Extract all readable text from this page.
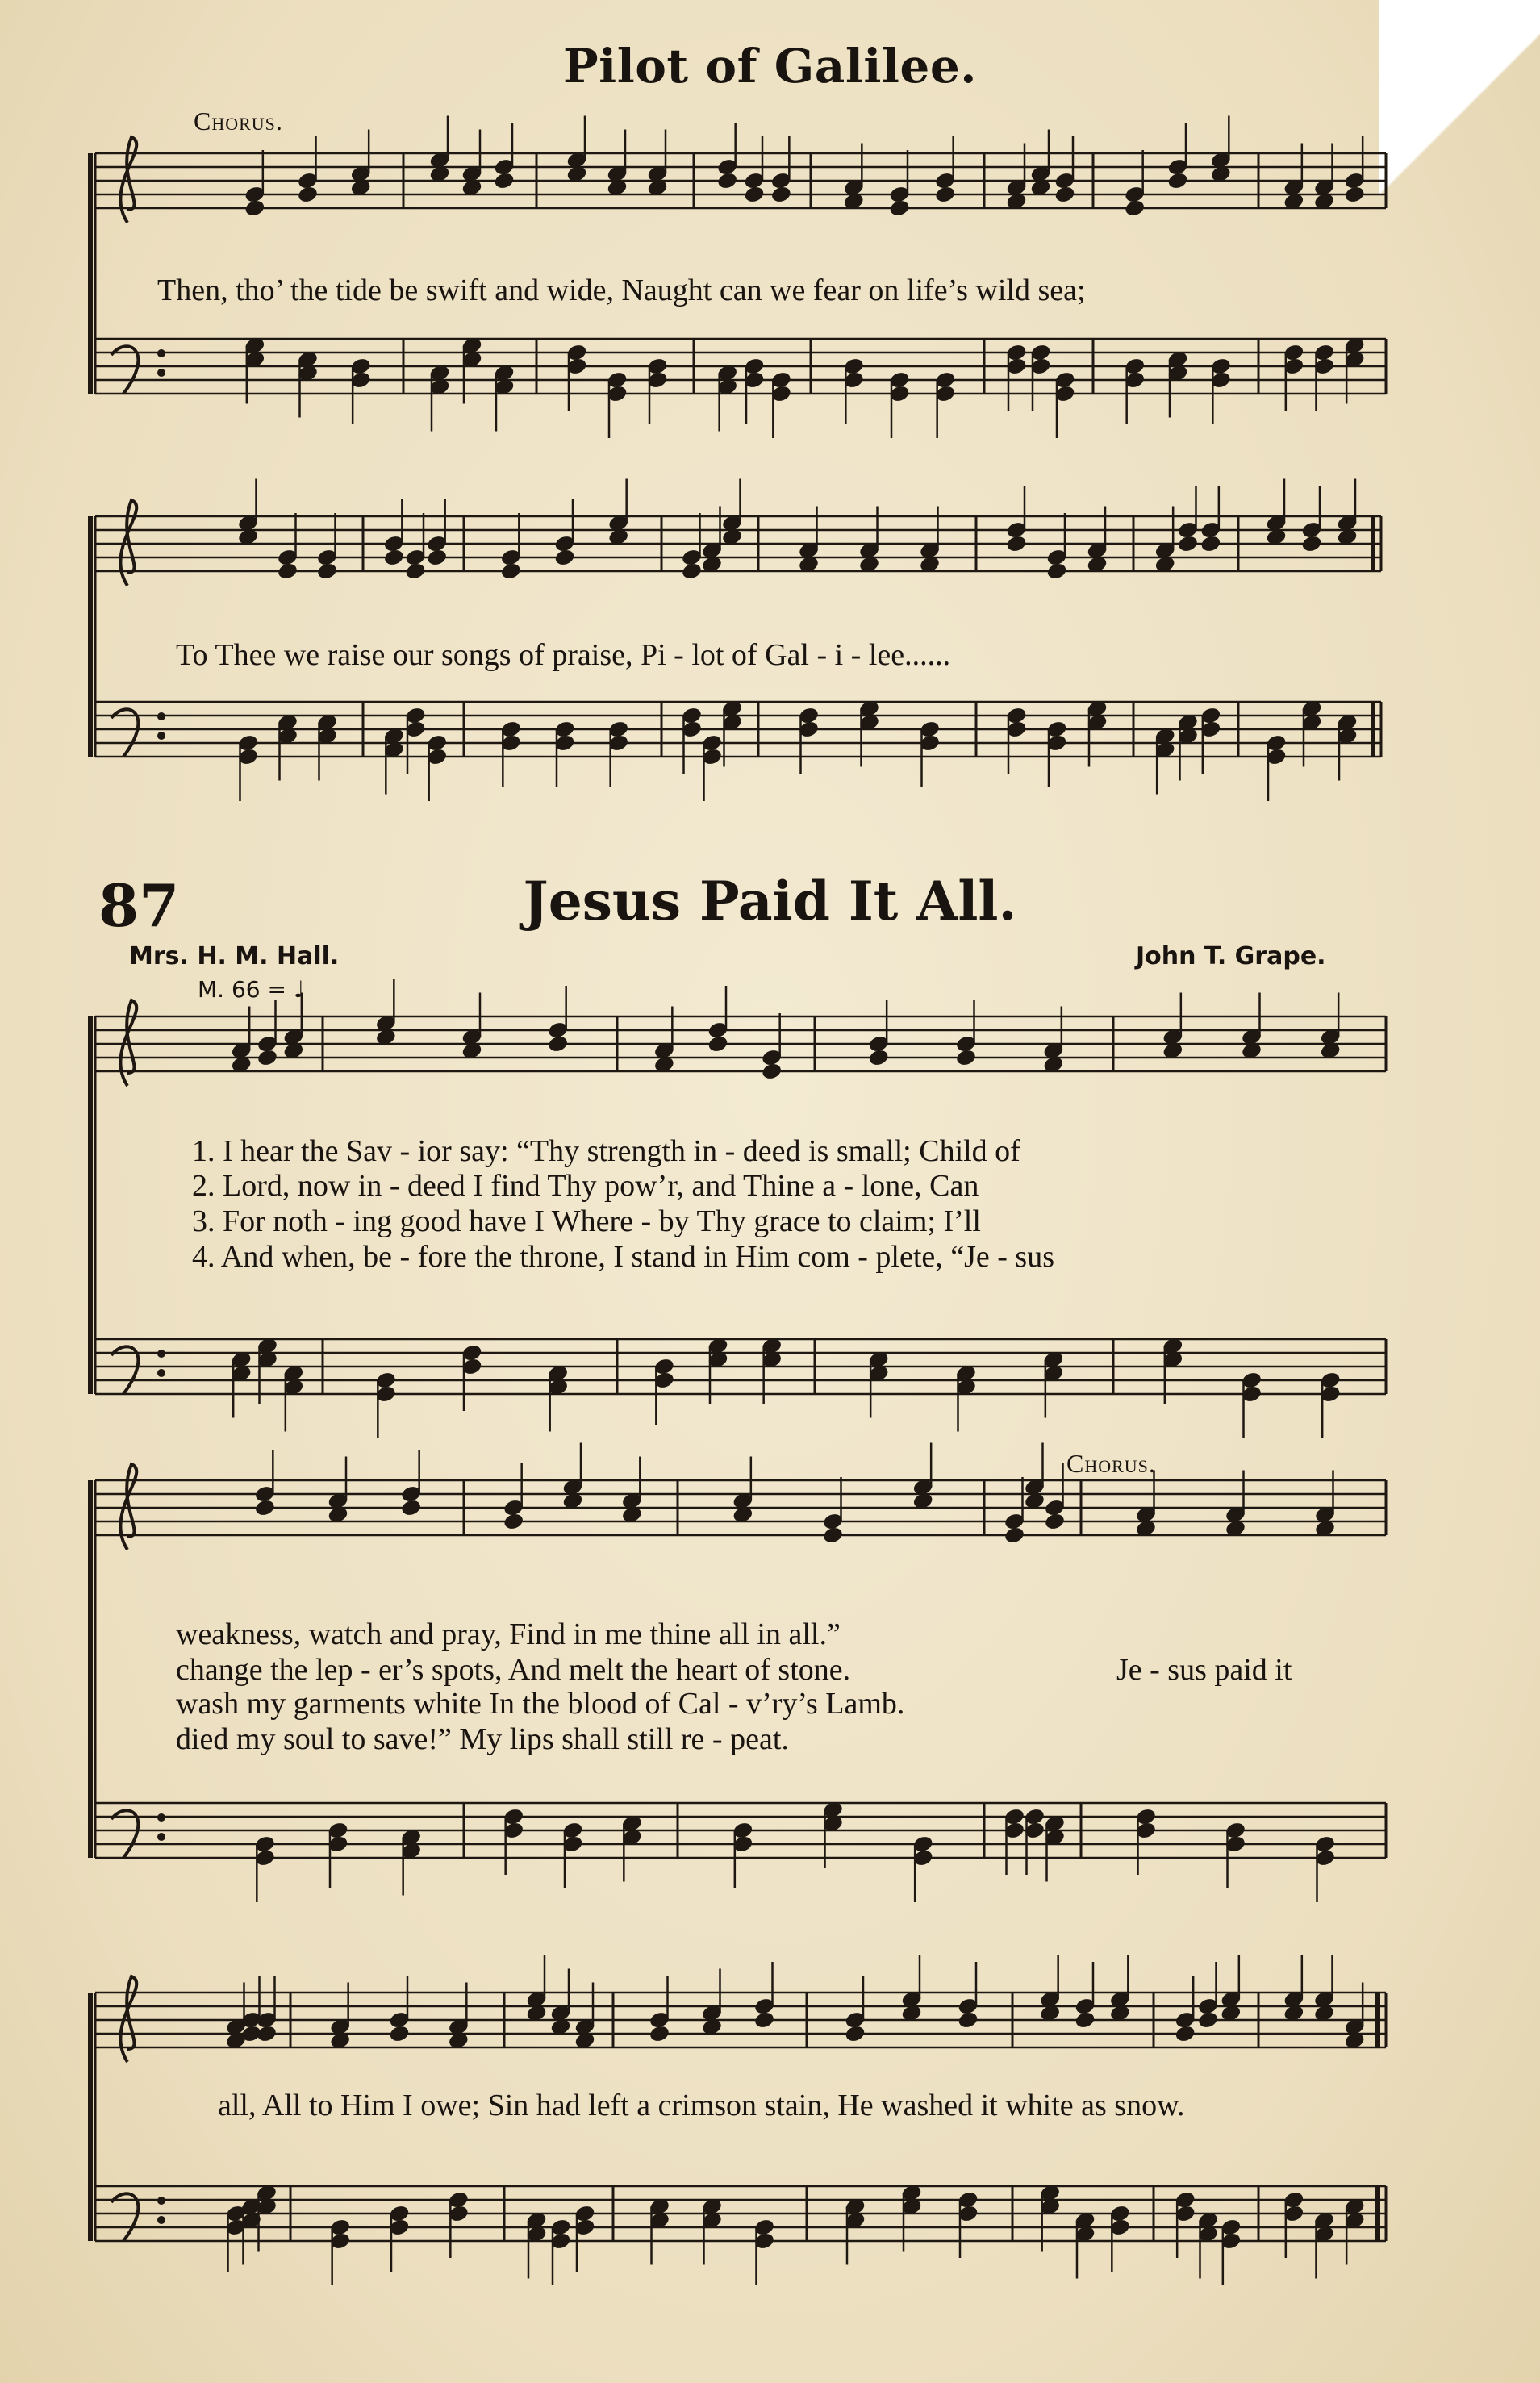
Pilot of Galilee.
Chorus.
Then, tho’ the tide be swift and wide, Naught can we fear on life’s wild sea;
To Thee we raise our songs of praise, Pi - lot of Gal - i - lee......
87	Jesus Paid It All.
Mrs. H. M. Hall.	John T. Grape.
M. 66 = ♩
1. I hear the Sav - ior say: “Thy strength in - deed is small; Child of
2. Lord, now in - deed I find Thy pow’r, and Thine a - lone, Can
3. For noth - ing good have I Where - by Thy grace to claim; I’ll
4. And when, be - fore the throne, I stand in Him com - plete, “Je - sus
Chorus.
weakness, watch and pray, Find in me thine all in all.”
change the lep - er’s spots, And melt the heart of stone.
wash my garments white In the blood of Cal - v’ry’s Lamb.
died my soul to save!” My lips shall still re - peat.
Je - sus paid it
all, All to Him I owe; Sin had left a crimson stain, He washed it white as snow.
